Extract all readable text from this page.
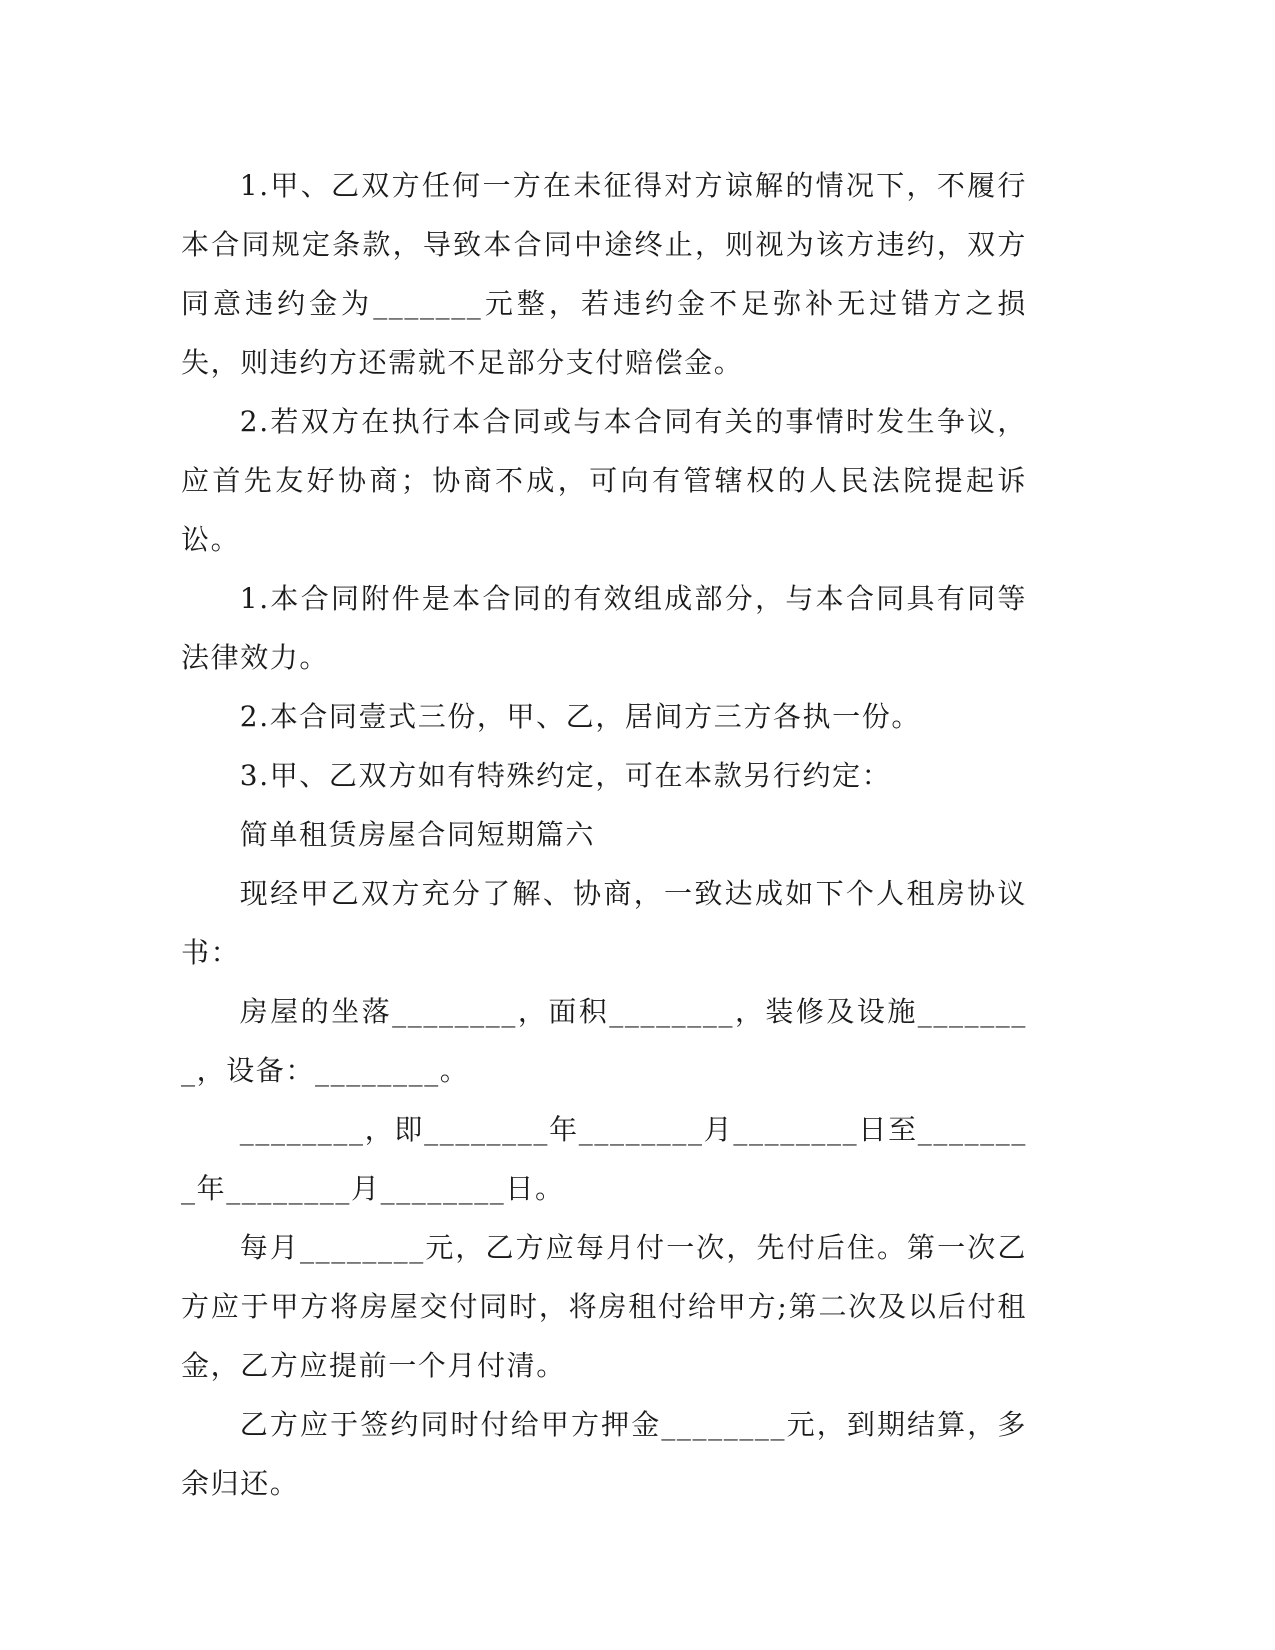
1.甲、乙双方任何一方在未征得对方谅解的情况下，不履行本合同规定条款，导致本合同中途终止，则视为该方违约，双方同意违约金为_______元整，若违约金不足弥补无过错方之损失，则违约方还需就不足部分支付赔偿金。

2.若双方在执行本合同或与本合同有关的事情时发生争议，应首先友好协商；协商不成，可向有管辖权的人民法院提起诉讼。

1.本合同附件是本合同的有效组成部分，与本合同具有同等法律效力。

2.本合同壹式三份，甲、乙，居间方三方各执一份。

3.甲、乙双方如有特殊约定，可在本款另行约定：

简单租赁房屋合同短期篇六

现经甲乙双方充分了解、协商，一致达成如下个人租房协议书：

房屋的坐落________，面积________，装修及设施________，设备：________。

________，即________年________月________日至________年________月________日。

每月________元，乙方应每月付一次，先付后住。第一次乙方应于甲方将房屋交付同时，将房租付给甲方;第二次及以后付租金，乙方应提前一个月付清。

乙方应于签约同时付给甲方押金________元，到期结算，多余归还。
